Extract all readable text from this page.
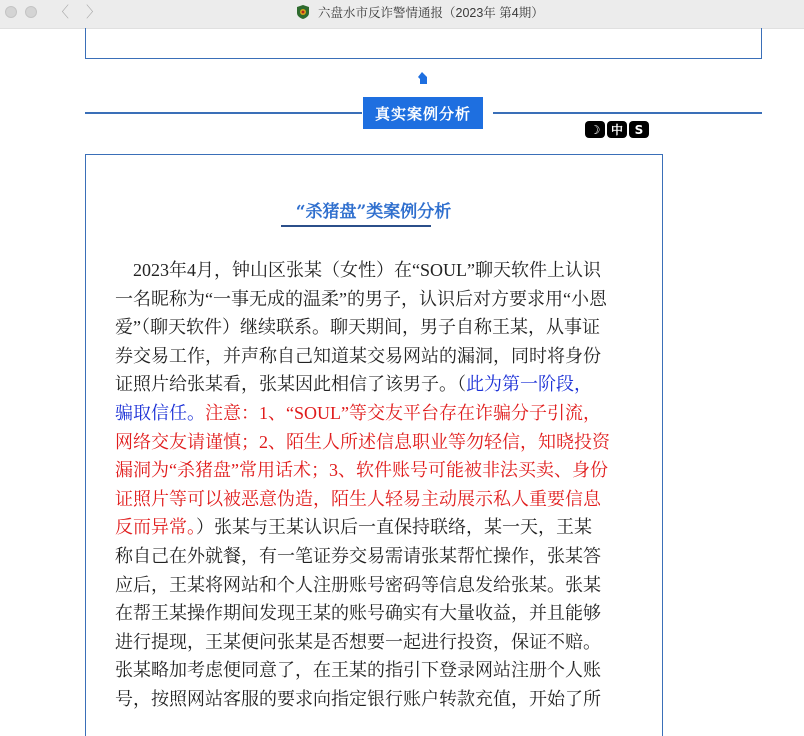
〈 〉	六盘水市反诈警情通报（2023年 第4期）
真实案例分析
☽ 中 S
“杀猪盘”类案例分析
　2023年4月，钟山区张某（女性）在“SOUL”聊天软件上认识
一名昵称为“一事无成的温柔”的男子，认识后对方要求用“小恩
爱”（聊天软件）继续联系。聊天期间，男子自称王某，从事证
券交易工作，并声称自己知道某交易网站的漏洞，同时将身份
证照片给张某看，张某因此相信了该男子。（此为第一阶段，
骗取信任。注意：1、“SOUL”等交友平台存在诈骗分子引流，
网络交友请谨慎；2、陌生人所述信息职业等勿轻信，知晓投资
漏洞为“杀猪盘”常用话术；3、软件账号可能被非法买卖、身份
证照片等可以被恶意伪造，陌生人轻易主动展示私人重要信息
反而异常。）张某与王某认识后一直保持联络，某一天，王某
称自己在外就餐，有一笔证券交易需请张某帮忙操作，张某答
应后，王某将网站和个人注册账号密码等信息发给张某。张某
在帮王某操作期间发现王某的账号确实有大量收益，并且能够
进行提现，王某便问张某是否想要一起进行投资，保证不赔。
张某略加考虑便同意了，在王某的指引下登录网站注册个人账
号，按照网站客服的要求向指定银行账户转款充值，开始了所
